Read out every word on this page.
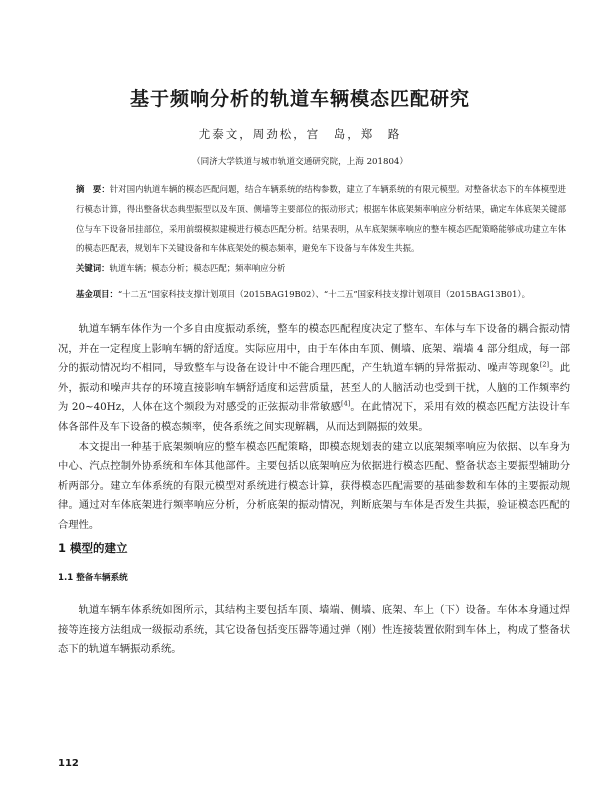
基于频响分析的轨道车辆模态匹配研究
尤泰文，周劲松，宫　岛，郑　路
（同济大学铁道与城市轨道交通研究院，上海 201804）
摘　要：针对国内轨道车辆的模态匹配问题，结合车辆系统的结构参数，建立了车辆系统的有限元模型。对整备状态下的车体模型进行模态计算，得出整备状态典型振型以及车顶、侧墙等主要部位的振动形式；根据车体底架频率响应分析结果，确定车体底架关键部位与车下设备吊挂部位，采用前缀模拟建模进行模态匹配分析。结果表明，从车底架频率响应的整车模态匹配策略能够成功建立车体的模态匹配表，规划车下关键设备和车体底架处的模态频率，避免车下设备与车体发生共振。
关键词：轨道车辆；模态分析；模态匹配；频率响应分析
基金项目：“十二五”国家科技支撑计划项目（2015BAG19B02）、“十二五”国家科技支撑计划项目（2015BAG13B01）。

轨道车辆车体作为一个多自由度振动系统，整车的模态匹配程度决定了整车、车体与车下设备的耦合振动情况，并在一定程度上影响车辆的舒适度。实际应用中，由于车体由车顶、侧墙、底架、端墙 4 部分组成，每一部分的振动情况均不相同，导致整车与设备在设计中不能合理匹配，产生轨道车辆的异常振动、噪声等现象[2]。此外，振动和噪声共存的环境直接影响车辆舒适度和运营质量，甚至人的人脑活动也受到干扰，人脑的工作频率约为 20~40Hz，人体在这个频段为对感受的正弦振动非常敏感[4]。在此情况下，采用有效的模态匹配方法设计车体各部件及车下设备的模态频率，使各系统之间实现解耦，从而达到隔振的效果。

本文提出一种基于底架频响应的整车模态匹配策略，即模态规划表的建立以底架频率响应为依据、以车身为中心、汽点控制外协系统和车体其他部件。主要包括以底架响应为依据进行模态匹配、整备状态主要振型辅助分析两部分。建立车体系统的有限元模型对系统进行模态计算，获得模态匹配需要的基础参数和车体的主要振动规律。通过对车体底架进行频率响应分析，分析底架的振动情况，判断底架与车体是否发生共振，验证模态匹配的合理性。

1 模型的建立
1.1 整备车辆系统

轨道车辆车体系统如图所示，其结构主要包括车顶、墙端、侧墙、底架、车上（下）设备。车体本身通过焊接等连接方法组成一级振动系统，其它设备包括变压器等通过弹（刚）性连接装置依附到车体上，构成了整备状态下的轨道车辆振动系统。

112
